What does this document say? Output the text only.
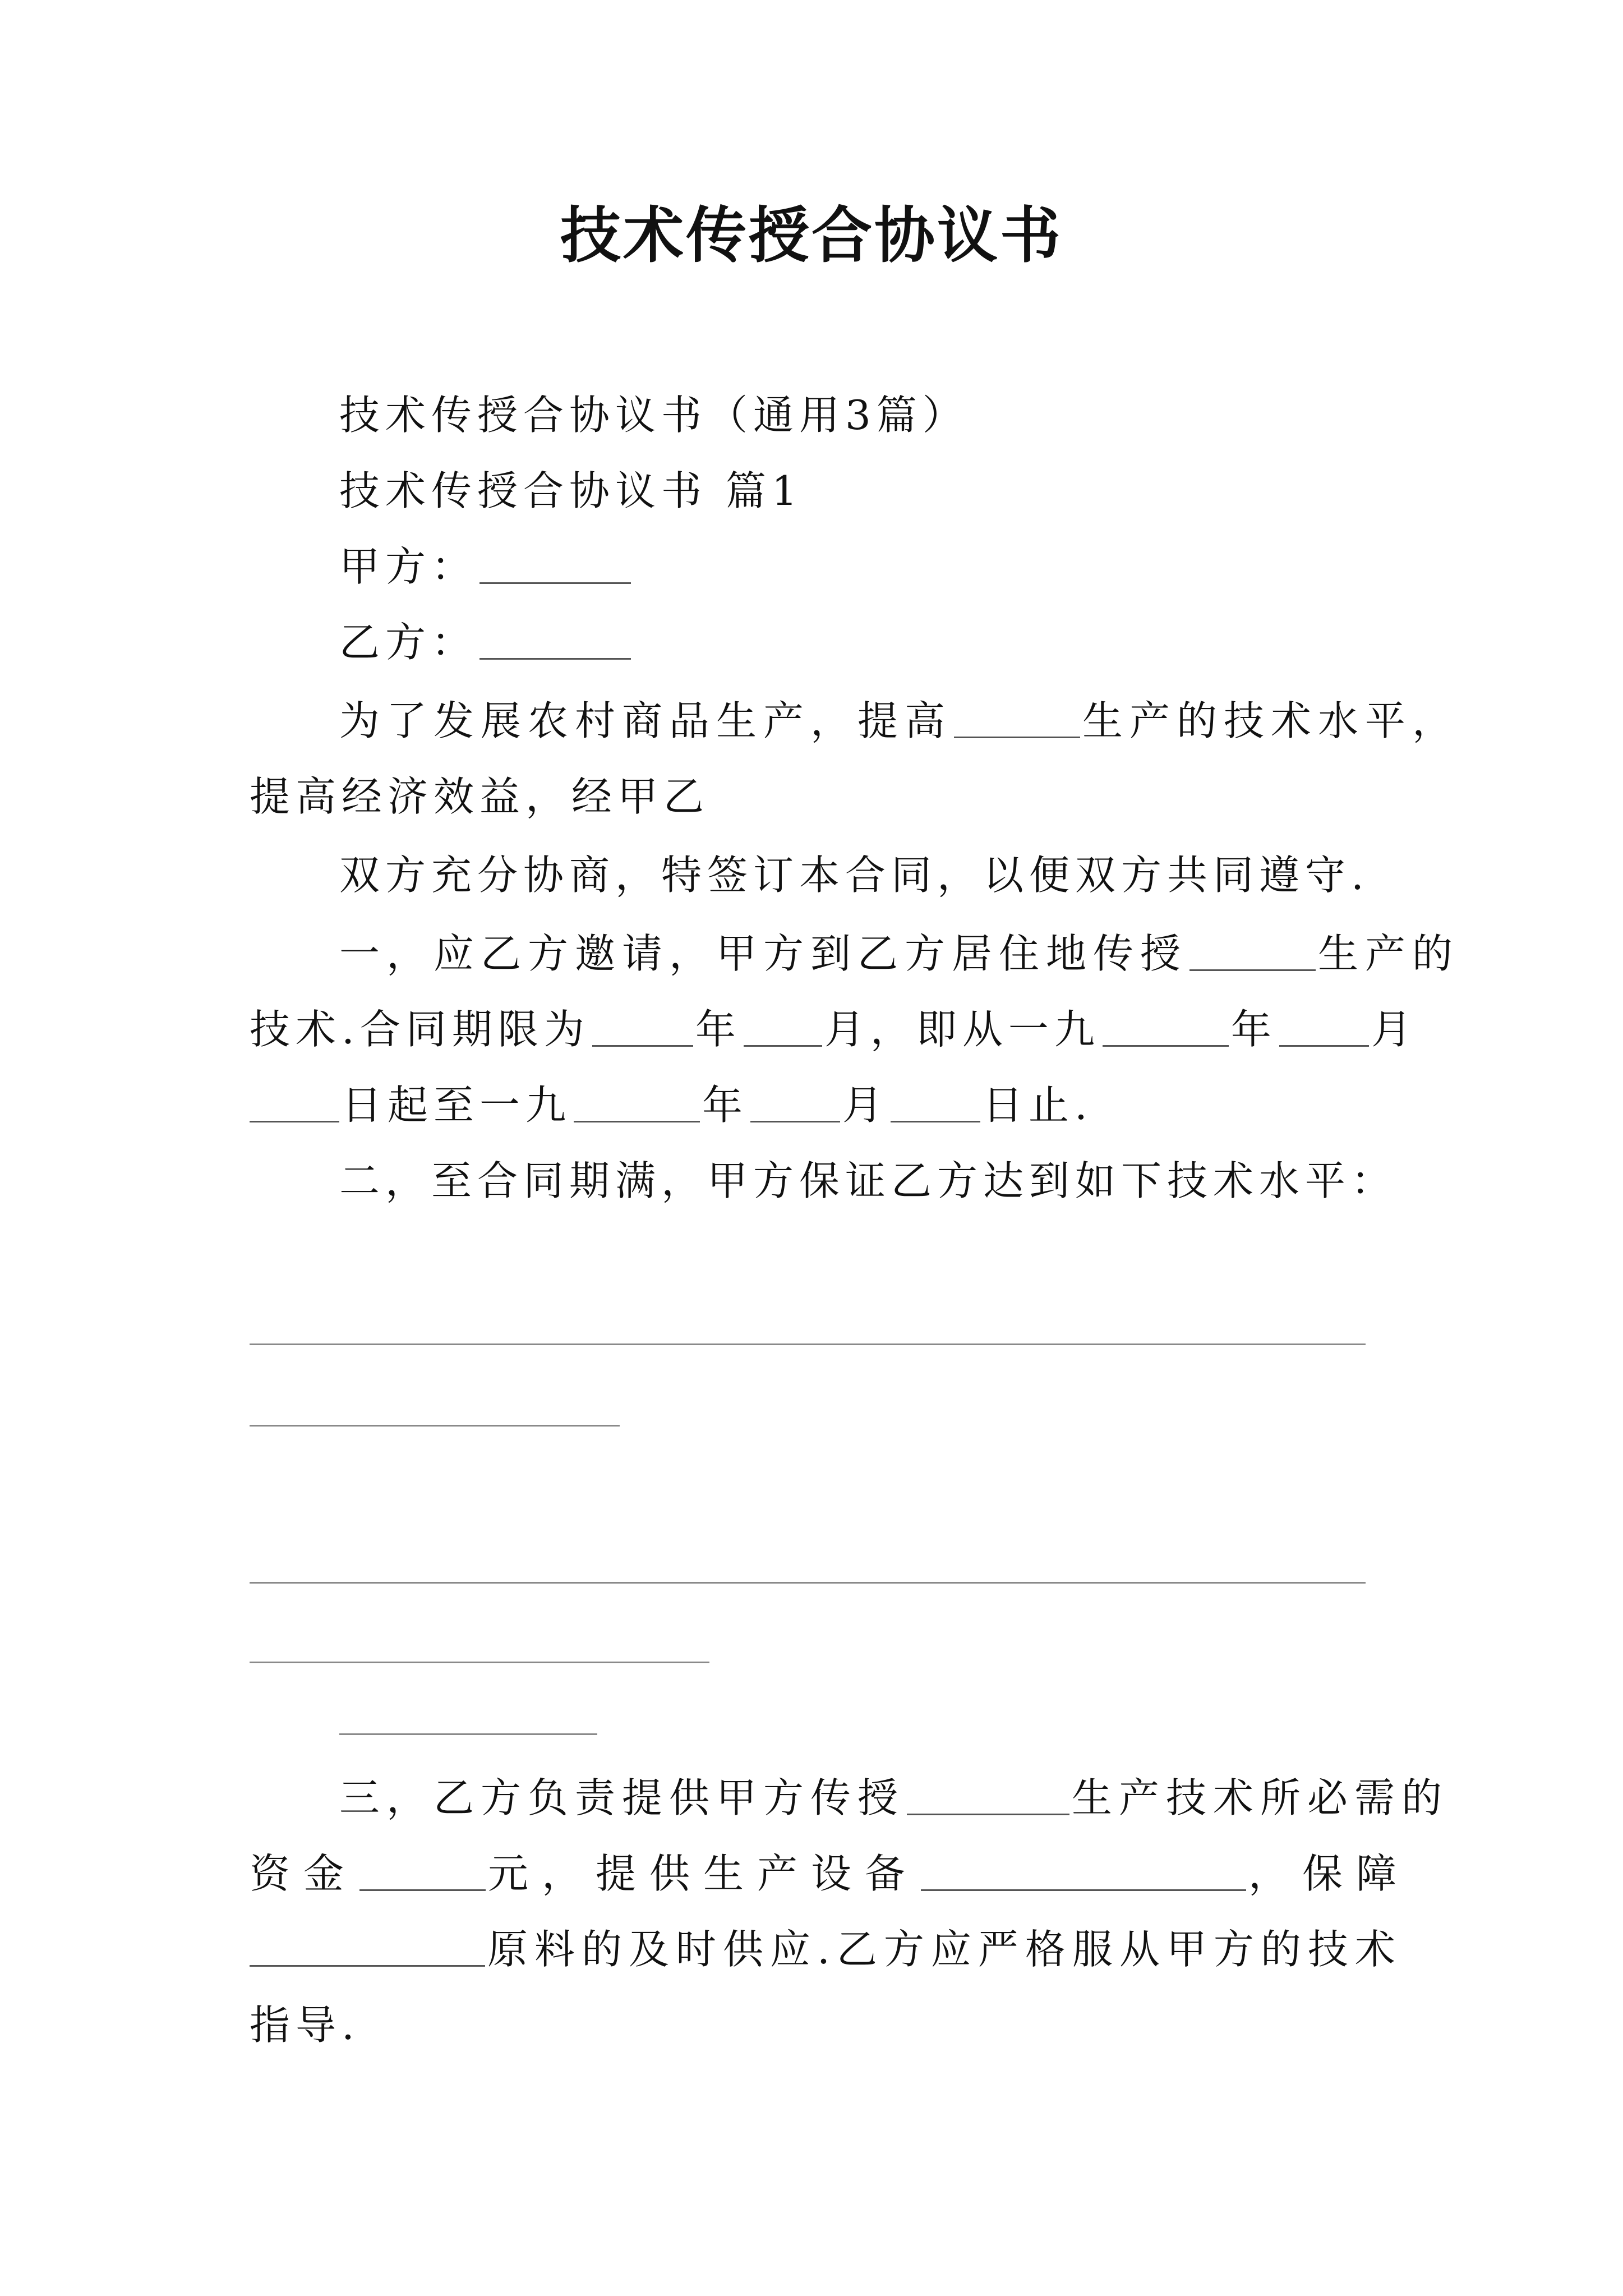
技术传授合协议书
技术传授合协议书（通用3篇）
技术传授合协议书 篇1
甲方：
乙方：
为了发展农村商品生产，提高	生产的技术水平，
提高经济效益，经甲乙
双方充分协商，特签订本合同，以便双方共同遵守.
一，应乙方邀请，甲方到乙方居住地传授	生产的
技术.合同期限为	年 月，即从一九	年 月
日起至一九	年 月 日止.
二，至合同期满，甲方保证乙方达到如下技术水平：
三，乙方负责提供甲方传授	生产技术所必需的
资金	元，提供生产设备	，保障
原料的及时供应.乙方应严格服从甲方的技术
指导.
